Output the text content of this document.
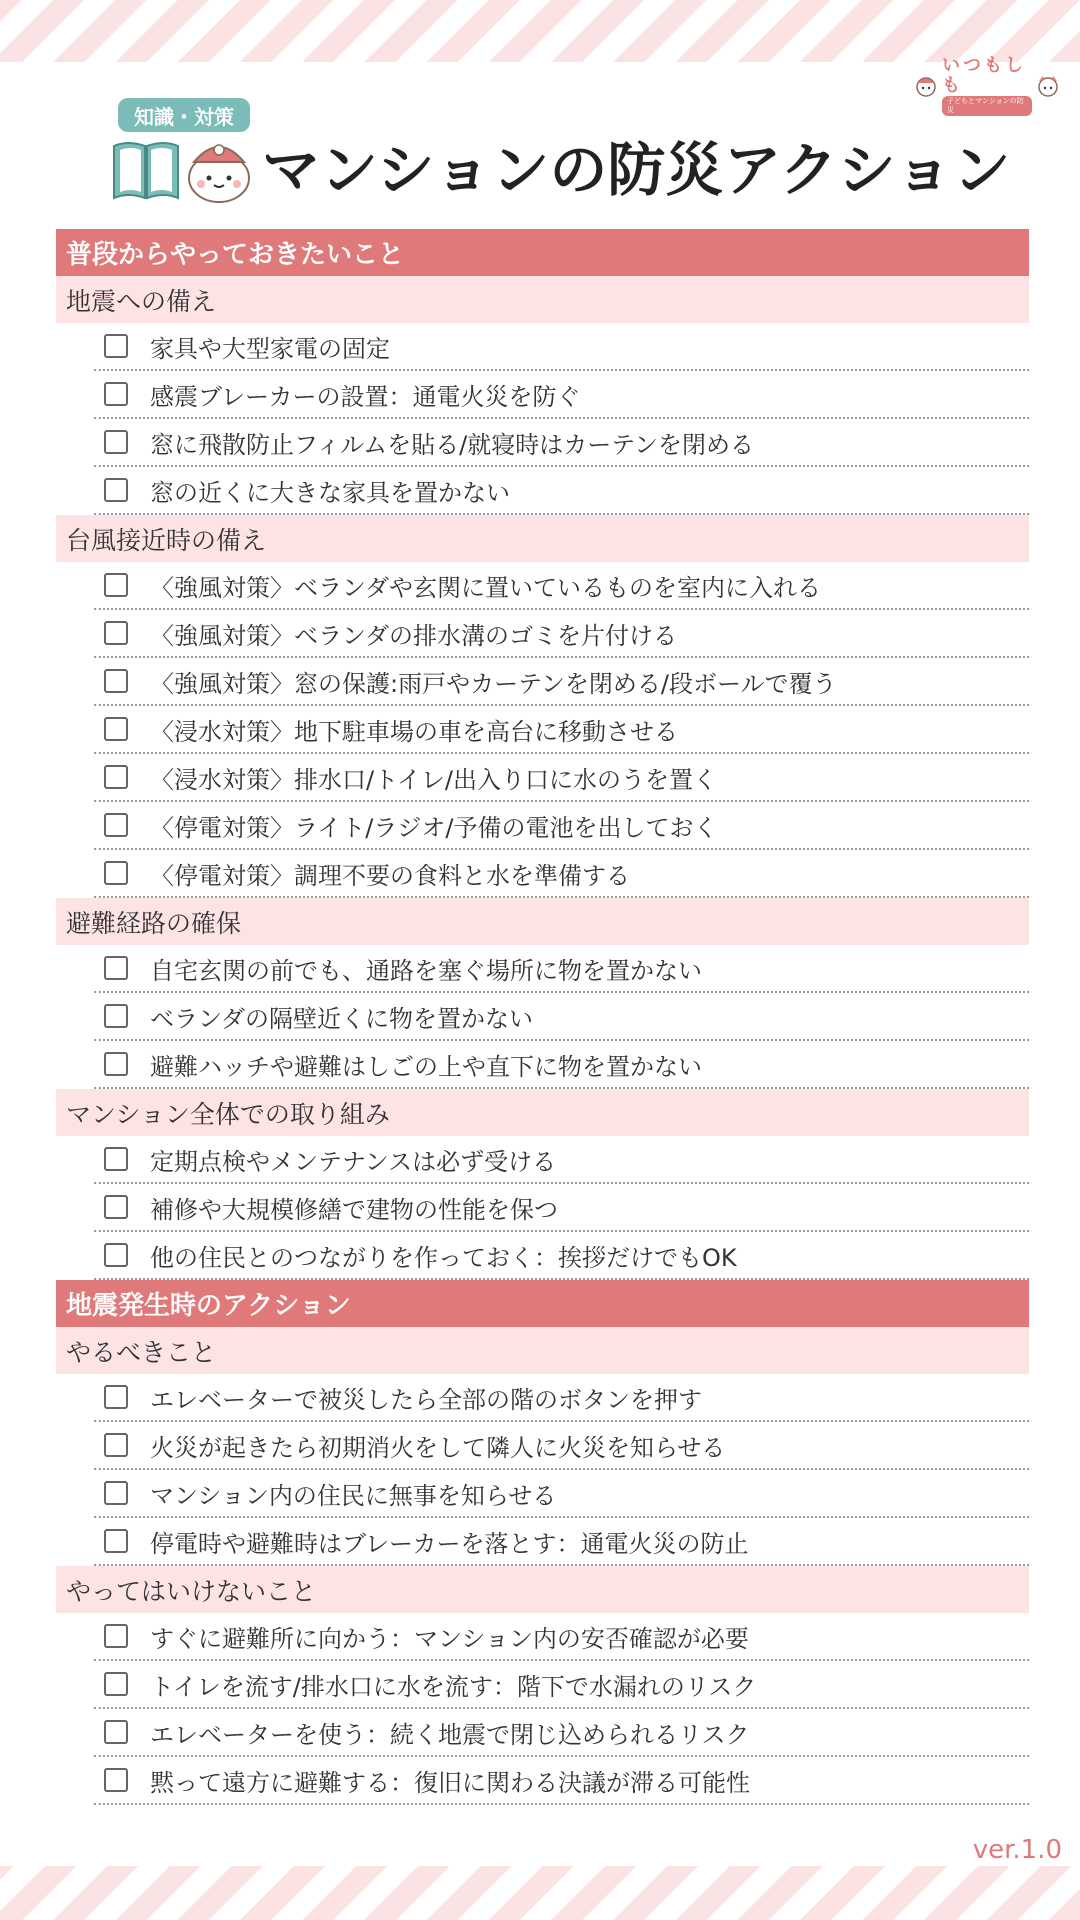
いつもしも
子どもとマンションの防災
知識・対策
マンションの防災アクション
普段からやっておきたいこと
地震への備え
家具や大型家電の固定
感震ブレーカーの設置：通電火災を防ぐ
窓に飛散防止フィルムを貼る/就寝時はカーテンを閉める
窓の近くに大きな家具を置かない
台風接近時の備え
〈強風対策〉ベランダや玄関に置いているものを室内に入れる
〈強風対策〉ベランダの排水溝のゴミを片付ける
〈強風対策〉窓の保護:雨戸やカーテンを閉める/段ボールで覆う
〈浸水対策〉地下駐車場の車を高台に移動させる
〈浸水対策〉排水口/トイレ/出入り口に水のうを置く
〈停電対策〉ライト/ラジオ/予備の電池を出しておく
〈停電対策〉調理不要の食料と水を準備する
避難経路の確保
自宅玄関の前でも、通路を塞ぐ場所に物を置かない
ベランダの隔壁近くに物を置かない
避難ハッチや避難はしごの上や直下に物を置かない
マンション全体での取り組み
定期点検やメンテナンスは必ず受ける
補修や大規模修繕で建物の性能を保つ
他の住民とのつながりを作っておく：挨拶だけでもOK
地震発生時のアクション
やるべきこと
エレベーターで被災したら全部の階のボタンを押す
火災が起きたら初期消火をして隣人に火災を知らせる
マンション内の住民に無事を知らせる
停電時や避難時はブレーカーを落とす：通電火災の防止
やってはいけないこと
すぐに避難所に向かう：マンション内の安否確認が必要
トイレを流す/排水口に水を流す：階下で水漏れのリスク
エレベーターを使う：続く地震で閉じ込められるリスク
黙って遠方に避難する：復旧に関わる決議が滞る可能性
ver.1.0
